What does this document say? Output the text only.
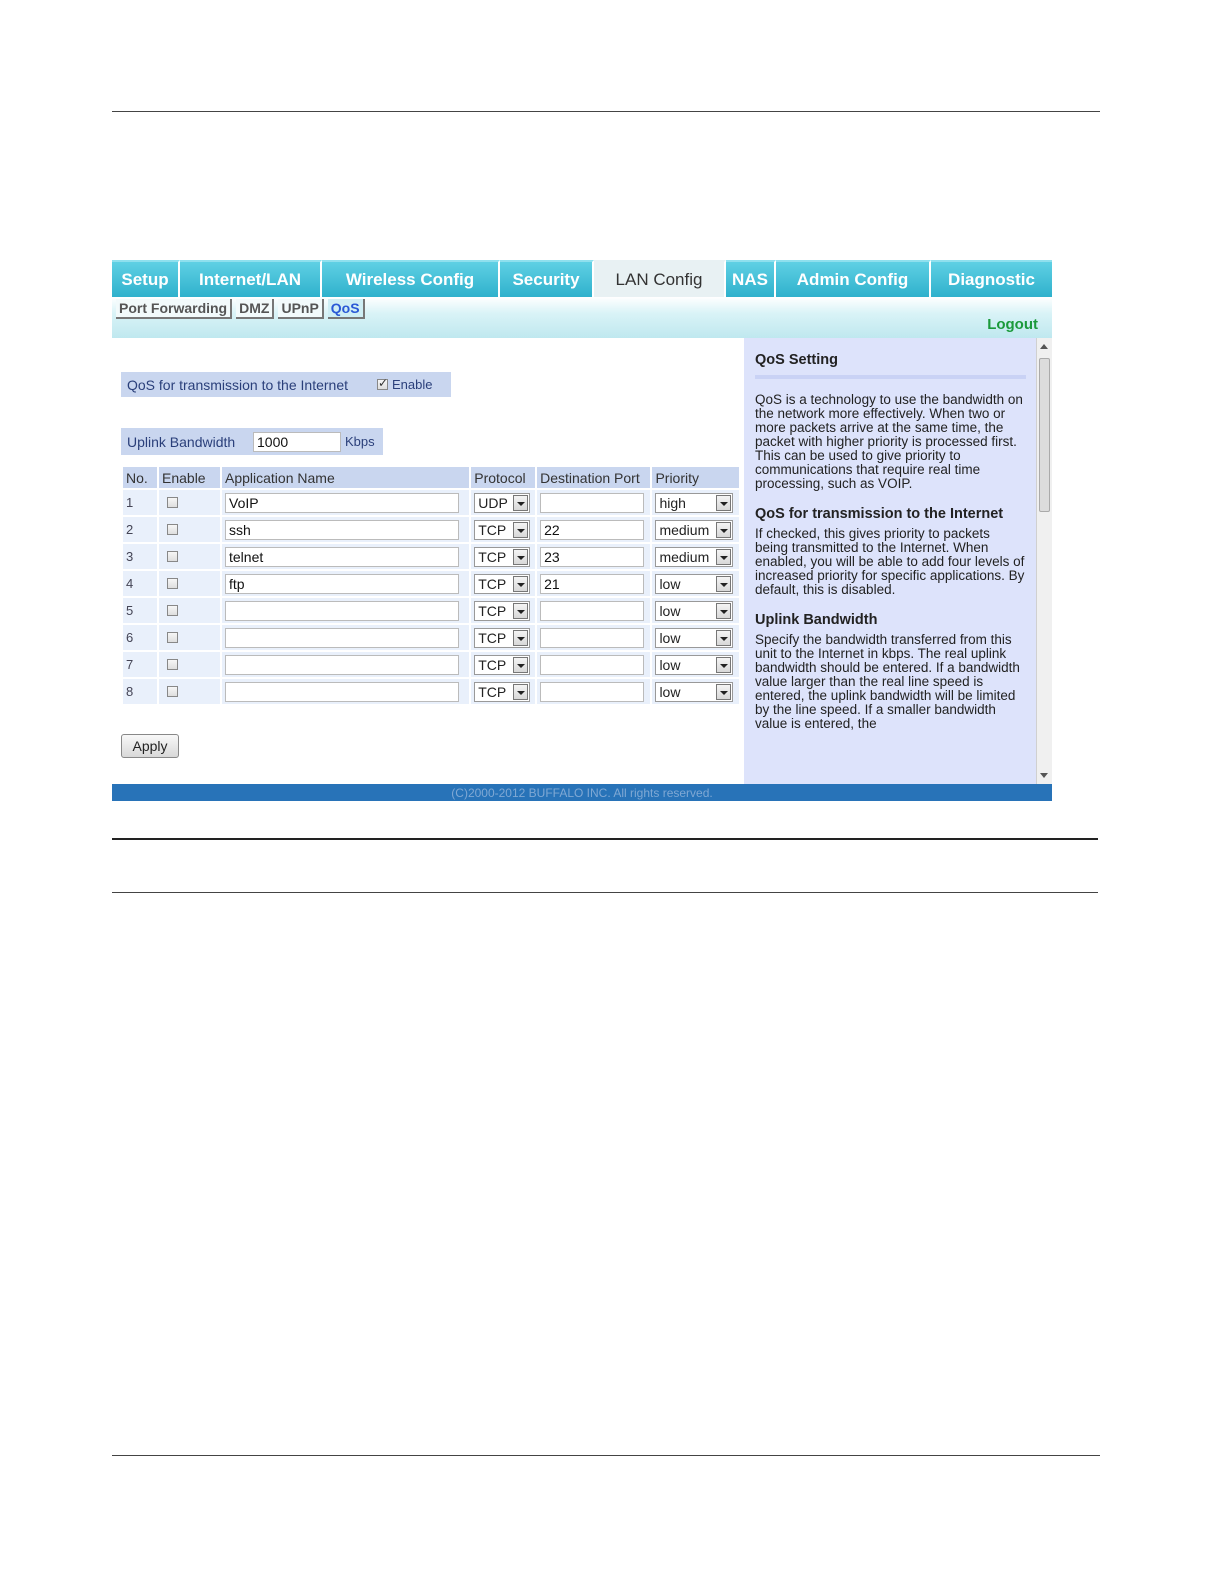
Setup	Internet/LAN	Wireless Config	Security	LAN Config	NAS	Admin Config	Diagnostic
Port Forwarding DMZ UPnP QoS
Logout
QoS for transmission to the Internet ✓	Enable
Uplink Bandwidth	1000	Kbps
No.	Enable	Application Name	Protocol	Destination Port	Priority
1		VoIP	UDP		high

2		ssh	TCP	22	medium

3		telnet	TCP	23	medium

4		ftp	TCP	21	low

5			TCP		low

6			TCP		low

7			TCP		low

8			TCP		low
Apply
QoS Setting

QoS is a technology to use the bandwidth on the network more effectively. When two or more packets arrive at the same time, the packet with higher priority is processed first. This can be used to give priority to communications that require real time processing, such as VOIP.

QoS for transmission to the Internet

If checked, this gives priority to packets being transmitted to the Internet. When enabled, you will be able to add four levels of increased priority for specific applications. By default, this is disabled.

Uplink Bandwidth

Specify the bandwidth transferred from this unit to the Internet in kbps. The real uplink bandwidth should be entered. If a bandwidth value larger than the real line speed is entered, the uplink bandwidth will be limited by the line speed. If a smaller bandwidth value is entered, the

(C)2000-2012 BUFFALO INC. All rights reserved.
